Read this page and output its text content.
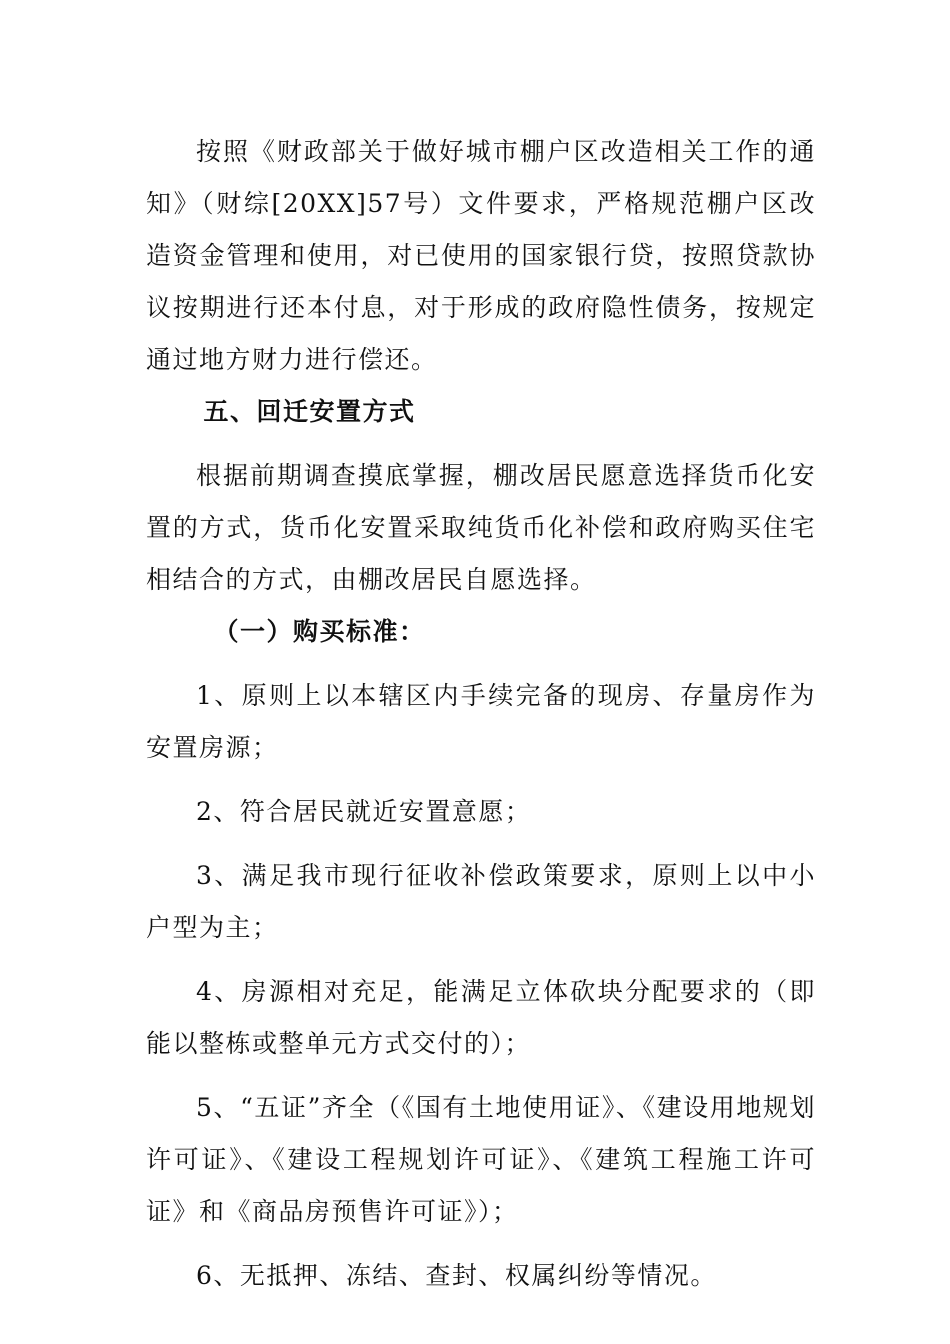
按照《财政部关于做好城市棚户区改造相关工作的通知》（财综[20XX]57号）文件要求，严格规范棚户区改造资金管理和使用，对已使用的国家银行贷，按照贷款协议按期进行还本付息，对于形成的政府隐性债务，按规定通过地方财力进行偿还。

五、回迁安置方式

根据前期调查摸底掌握，棚改居民愿意选择货币化安置的方式，货币化安置采取纯货币化补偿和政府购买住宅相结合的方式，由棚改居民自愿选择。

（一）购买标准：

1、原则上以本辖区内手续完备的现房、存量房作为安置房源；

2、符合居民就近安置意愿；

3、满足我市现行征收补偿政策要求，原则上以中小户型为主；

4、房源相对充足，能满足立体砍块分配要求的（即能以整栋或整单元方式交付的）；

5、“五证”齐全（《国有土地使用证》、《建设用地规划许可证》、《建设工程规划许可证》、《建筑工程施工许可证》和《商品房预售许可证》）；

6、无抵押、冻结、查封、权属纠纷等情况。
